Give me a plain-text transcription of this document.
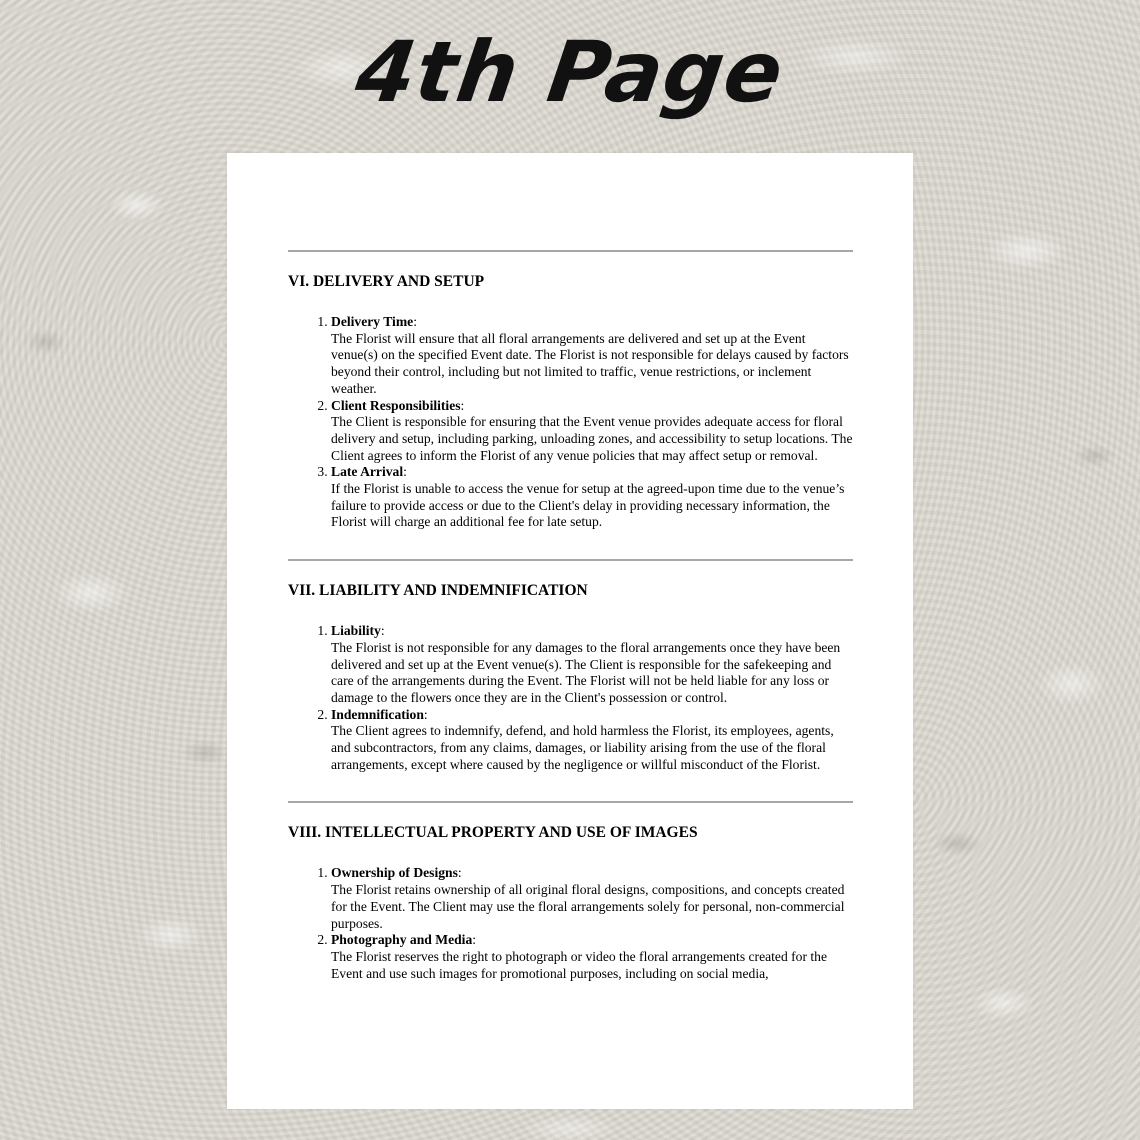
4th Page
VI. DELIVERY AND SETUP
1. Delivery Time:
The Florist will ensure that all floral arrangements are delivered and set up at the Event venue(s) on the specified Event date. The Florist is not responsible for delays caused by factors beyond their control, including but not limited to traffic, venue restrictions, or inclement weather.
2. Client Responsibilities:
The Client is responsible for ensuring that the Event venue provides adequate access for floral delivery and setup, including parking, unloading zones, and accessibility to setup locations. The Client agrees to inform the Florist of any venue policies that may affect setup or removal.
3. Late Arrival:
If the Florist is unable to access the venue for setup at the agreed-upon time due to the venue’s failure to provide access or due to the Client's delay in providing necessary information, the Florist will charge an additional fee for late setup.
VII. LIABILITY AND INDEMNIFICATION
1. Liability:
The Florist is not responsible for any damages to the floral arrangements once they have been delivered and set up at the Event venue(s). The Client is responsible for the safekeeping and care of the arrangements during the Event. The Florist will not be held liable for any loss or damage to the flowers once they are in the Client's possession or control.
2. Indemnification:
The Client agrees to indemnify, defend, and hold harmless the Florist, its employees, agents, and subcontractors, from any claims, damages, or liability arising from the use of the floral arrangements, except where caused by the negligence or willful misconduct of the Florist.
VIII. INTELLECTUAL PROPERTY AND USE OF IMAGES
1. Ownership of Designs:
The Florist retains ownership of all original floral designs, compositions, and concepts created for the Event. The Client may use the floral arrangements solely for personal, non-commercial purposes.
2. Photography and Media:
The Florist reserves the right to photograph or video the floral arrangements created for the Event and use such images for promotional purposes, including on social media,
